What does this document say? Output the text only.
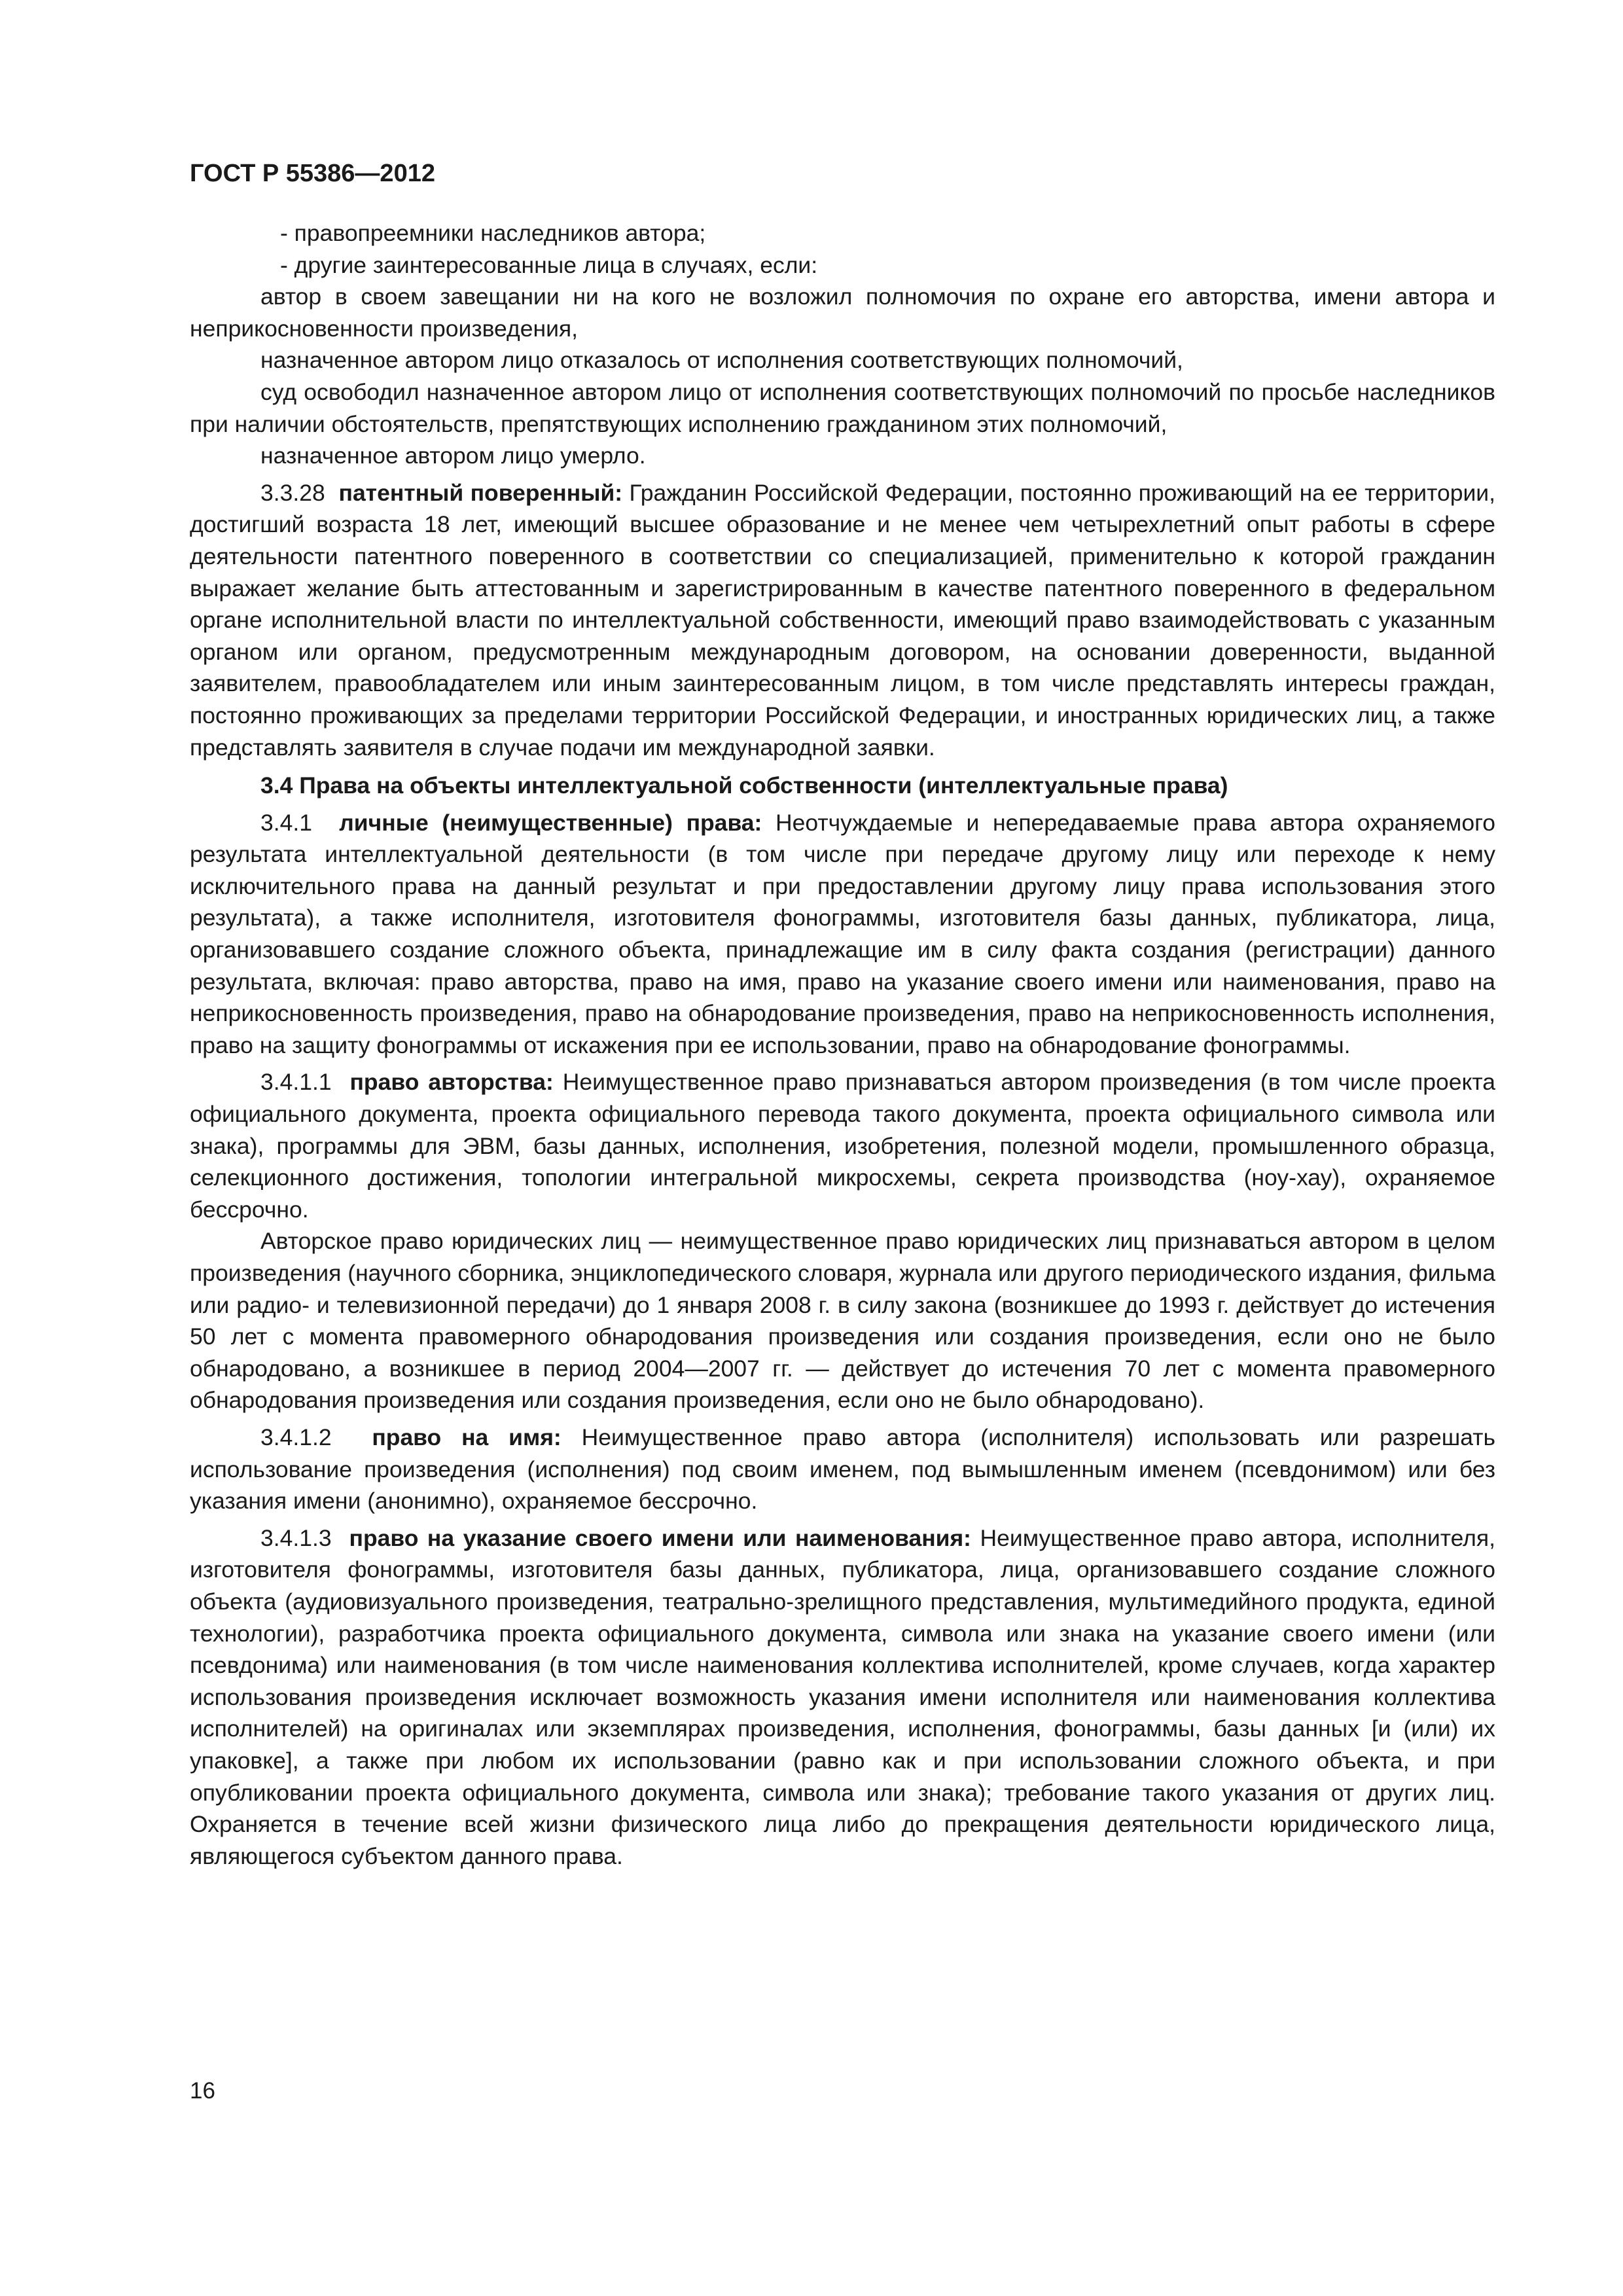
ГОСТ Р 55386—2012

- правопреемники наследников автора;

- другие заинтересованные лица в случаях, если:

автор в своем завещании ни на кого не возложил полномочия по охране его авторства, имени автора и неприкосновенности произведения,

назначенное автором лицо отказалось от исполнения соответствующих полномочий,

суд освободил назначенное автором лицо от исполнения соответствующих полномочий по просьбе наследников при наличии обстоятельств, препятствующих исполнению гражданином этих полномочий,

назначенное автором лицо умерло.

3.3.28 патентный поверенный: Гражданин Российской Федерации, постоянно проживающий на ее территории, достигший возраста 18 лет, имеющий высшее образование и не менее чем четырехлетний опыт работы в сфере деятельности патентного поверенного в соответствии со специализацией, применительно к которой гражданин выражает желание быть аттестованным и зарегистрированным в качестве патентного поверенного в федеральном органе исполнительной власти по интеллектуальной собственности, имеющий право взаимодействовать с указанным органом или органом, предусмотренным международным договором, на основании доверенности, выданной заявителем, правообладателем или иным заинтересованным лицом, в том числе представлять интересы граждан, постоянно проживающих за пределами территории Российской Федерации, и иностранных юридических лиц, а также представлять заявителя в случае подачи им международной заявки.

3.4 Права на объекты интеллектуальной собственности (интеллектуальные права)

3.4.1 личные (неимущественные) права: Неотчуждаемые и непередаваемые права автора охраняемого результата интеллектуальной деятельности (в том числе при передаче другому лицу или переходе к нему исключительного права на данный результат и при предоставлении другому лицу права использования этого результата), а также исполнителя, изготовителя фонограммы, изготовителя базы данных, публикатора, лица, организовавшего создание сложного объекта, принадлежащие им в силу факта создания (регистрации) данного результата, включая: право авторства, право на имя, право на указание своего имени или наименования, право на неприкосновенность произведения, право на обнародование произведения, право на неприкосновенность исполнения, право на защиту фонограммы от искажения при ее использовании, право на обнародование фонограммы.

3.4.1.1 право авторства: Неимущественное право признаваться автором произведения (в том числе проекта официального документа, проекта официального перевода такого документа, проекта официального символа или знака), программы для ЭВМ, базы данных, исполнения, изобретения, полезной модели, промышленного образца, селекционного достижения, топологии интегральной микросхемы, секрета производства (ноу-хау), охраняемое бессрочно.

Авторское право юридических лиц — неимущественное право юридических лиц признаваться автором в целом произведения (научного сборника, энциклопедического словаря, журнала или другого периодического издания, фильма или радио- и телевизионной передачи) до 1 января 2008 г. в силу закона (возникшее до 1993 г. действует до истечения 50 лет с момента правомерного обнародования произведения или создания произведения, если оно не было обнародовано, а возникшее в период 2004—2007 гг. — действует до истечения 70 лет с момента правомерного обнародования произведения или создания произведения, если оно не было обнародовано).

3.4.1.2 право на имя: Неимущественное право автора (исполнителя) использовать или разрешать использование произведения (исполнения) под своим именем, под вымышленным именем (псевдонимом) или без указания имени (анонимно), охраняемое бессрочно.

3.4.1.3 право на указание своего имени или наименования: Неимущественное право автора, исполнителя, изготовителя фонограммы, изготовителя базы данных, публикатора, лица, организовавшего создание сложного объекта (аудиовизуального произведения, театрально-зрелищного представления, мультимедийного продукта, единой технологии), разработчика проекта официального документа, символа или знака на указание своего имени (или псевдонима) или наименования (в том числе наименования коллектива исполнителей, кроме случаев, когда характер использования произведения исключает возможность указания имени исполнителя или наименования коллектива исполнителей) на оригиналах или экземплярах произведения, исполнения, фонограммы, базы данных [и (или) их упаковке], а также при любом их использовании (равно как и при использовании сложного объекта, и при опубликовании проекта официального документа, символа или знака); требование такого указания от других лиц. Охраняется в течение всей жизни физического лица либо до прекращения деятельности юридического лица, являющегося субъектом данного права.

16
